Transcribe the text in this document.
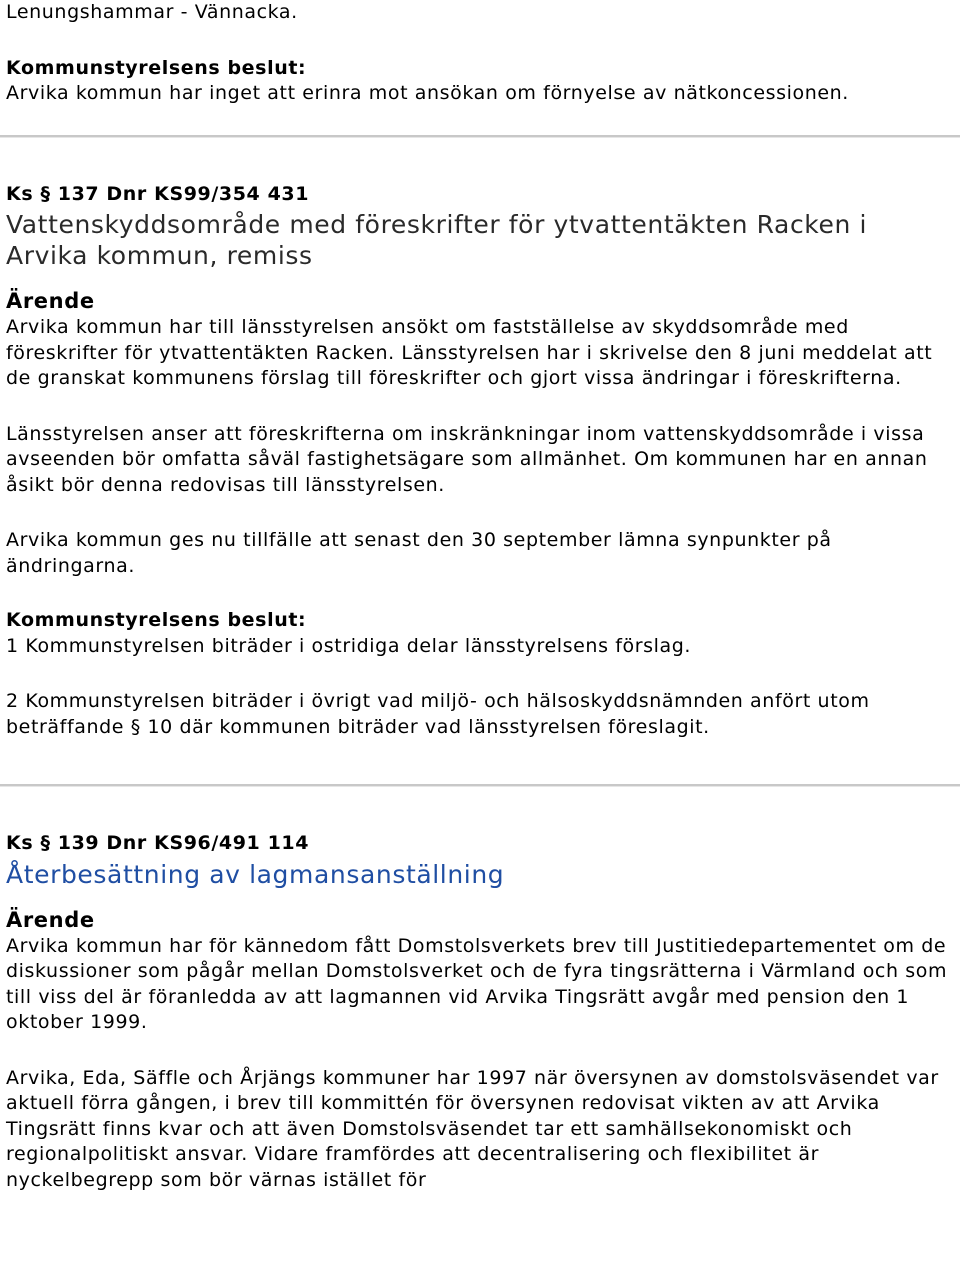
Lenungshammar - Vännacka.

Kommunstyrelsens beslut:

Arvika kommun har inget att erinra mot ansökan om förnyelse av nätkoncessionen.

Ks § 137 Dnr KS99/354 431

Vattenskyddsområde med föreskrifter för ytvattentäkten Racken i Arvika kommun, remiss

Ärende

Arvika kommun har till länsstyrelsen ansökt om fastställelse av skyddsområde med föreskrifter för ytvattentäkten Racken. Länsstyrelsen har i skrivelse den 8 juni meddelat att de granskat kommunens förslag till föreskrifter och gjort vissa ändringar i föreskrifterna.

Länsstyrelsen anser att föreskrifterna om inskränkningar inom vattenskyddsområde i vissa avseenden bör omfatta såväl fastighetsägare som allmänhet. Om kommunen har en annan åsikt bör denna redovisas till länsstyrelsen.

Arvika kommun ges nu tillfälle att senast den 30 september lämna synpunkter på ändringarna.

Kommunstyrelsens beslut:

1 Kommunstyrelsen biträder i ostridiga delar länsstyrelsens förslag.

2 Kommunstyrelsen biträder i övrigt vad miljö- och hälsoskyddsnämnden anfört utom beträffande § 10 där kommunen biträder vad länsstyrelsen föreslagit.

Ks § 139 Dnr KS96/491 114

Återbesättning av lagmansanställning

Ärende

Arvika kommun har för kännedom fått Domstolsverkets brev till Justitiedepartementet om de diskussioner som pågår mellan Domstolsverket och de fyra tingsrätterna i Värmland och som till viss del är föranledda av att lagmannen vid Arvika Tingsrätt avgår med pension den 1 oktober 1999.

Arvika, Eda, Säffle och Årjängs kommuner har 1997 när översynen av domstolsväsendet var aktuell förra gången, i brev till kommittén för översynen redovisat vikten av att Arvika Tingsrätt finns kvar och att även Domstolsväsendet tar ett samhällsekonomiskt och regionalpolitiskt ansvar. Vidare framfördes att decentralisering och flexibilitet är nyckelbegrepp som bör värnas istället för
